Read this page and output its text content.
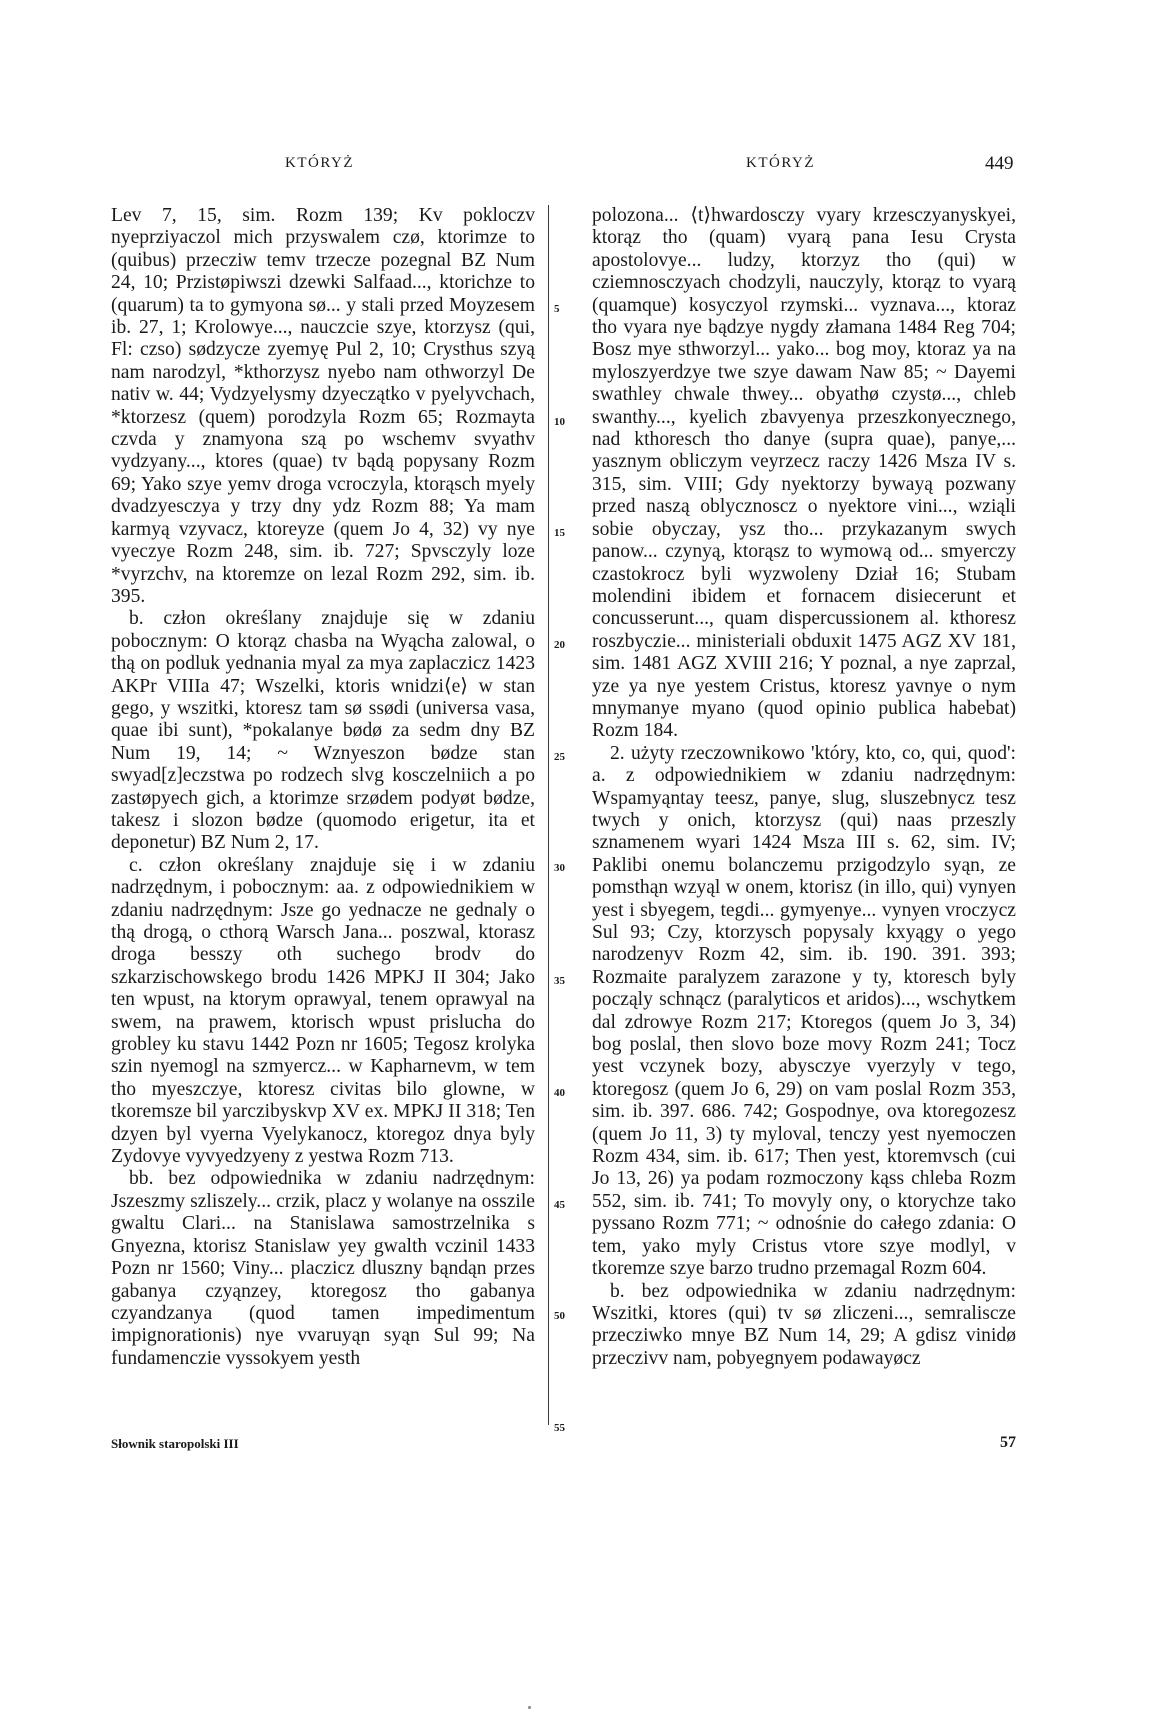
KTÓRYŻ	KTÓRYŻ	449

Lev 7, 15, sim. Rozm 139; Kv pokloczv nyeprziyaczol mich przyswalem czø, ktorimze to (quibus) przecziw temv trzecze pozegnal BZ Num 24, 10; Przistøpiwszi dzewki Salfaad..., ktorichze to (quarum) ta to gymyona sø... y stali przed Moyzesem ib. 27, 1; Krolowye..., nauczcie szye, ktorzysz (qui, Fl: czso) sødzycze zyemyę Pul 2, 10; Crysthus szyą nam narodzyl, *kthorzysz nyebo nam othworzyl De nativ w. 44; Vydzyelysmy dzyeczątko v pyelyvchach, *ktorzesz (quem) porodzyla Rozm 65; Rozmayta czvda y znamyona szą po wschemv svyathv vydzyany..., ktores (quae) tv bądą popysany Rozm 69; Yako szye yemv droga vcroczyla, ktorąsch myely dvadzyesczya y trzy dny ydz Rozm 88; Ya mam karmyą vzyvacz, ktoreyze (quem Jo 4, 32) vy nye vyeczye Rozm 248, sim. ib. 727; Spvsczyly loze *vyrzchv, na ktoremze on lezal Rozm 292, sim. ib. 395.

b. człon określany znajduje się w zdaniu pobocznym: O ktorąz chasba na Wyącha zalowal, o thą on podluk yednania myal za mya zaplaczicz 1423 AKPr VIIIa 47; Wszelki, ktoris wnidzi⟨e⟩ w stan gego, y wszitki, ktoresz tam sø ssødi (universa vasa, quae ibi sunt), *pokalanye bødø za sedm dny BZ Num 19, 14; ~ Wznyeszon bødze stan swyad[z]eczstwa po rodzech slvg kosczelniich a po zastøpyech gich, a ktorimze srzødem podyøt bødze, takesz i slozon bødze (quomodo erigetur, ita et deponetur) BZ Num 2, 17.

c. człon określany znajduje się i w zdaniu nadrzędnym, i pobocznym: aa. z odpowiednikiem w zdaniu nadrzędnym: Jsze go yednacze ne gednaly o thą drogą, o cthorą Warsch Jana... poszwal, ktorasz droga besszy oth suchego brodv do szkarzischowskego brodu 1426 MPKJ II 304; Jako ten wpust, na ktorym oprawyal, tenem oprawyal na swem, na prawem, ktorisch wpust prislucha do grobley ku stavu 1442 Pozn nr 1605; Tegosz krolyka szin nyemogl na szmyercz... w Kapharnevm, w tem tho myeszczye, ktoresz civitas bilo glowne, w tkoremsze bil yarczibyskvp XV ex. MPKJ II 318; Ten dzyen byl vyerna Vyelykanocz, ktoregoz dnya byly Zydovye vyvyedzyeny z yestwa Rozm 713.

bb. bez odpowiednika w zdaniu nadrzędnym: Jszeszmy szliszely... crzik, placz y wolanye na osszile gwaltu Clari... na Stanislawa samostrzelnika s Gnyezna, ktorisz Stanislaw yey gwalth vczinil 1433 Pozn nr 1560; Viny... placzicz dluszny bąndąn przes gabanya czyąnzey, ktoregosz tho gabanya czyandzanya (quod tamen impedimentum impignorationis) nye vvaruyąn syąn Sul 99; Na fundamenczie vyssokyem yesth

5
10
15
20
25
30
35
40
45
50
55

polozona... ⟨t⟩hwardosczy vyary krzesczyanyskyei, ktorąz tho (quam) vyarą pana Iesu Crysta apostolovye... ludzy, ktorzyz tho (qui) w cziemnosczyach chodzyli, nauczyly, ktorąz to vyarą (quamque) kosyczyol rzymski... vyznava..., ktoraz tho vyara nye bądzye nygdy złamana 1484 Reg 704; Bosz mye sthworzyl... yako... bog moy, ktoraz ya na myloszyerdzye twe szye dawam Naw 85; ~ Dayemi swathley chwale thwey... obyathø czystø..., chleb swanthy..., kyelich zbavyenya przeszkonyecznego, nad kthoresch tho danye (supra quae), panye,... yasznym obliczym veyrzecz raczy 1426 Msza IV s. 315, sim. VIII; Gdy nyektorzy bywayą pozwany przed naszą oblycznoscz o nyektore vini..., wziąli sobie obyczay, ysz tho... przykazanym swych panow... czynyą, ktorąsz to wymową od... smyerczy czastokrocz byli wyzwoleny Dział 16; Stubam molendini ibidem et fornacem disiecerunt et concusserunt..., quam dispercussionem al. kthoresz roszbyczie... ministeriali obduxit 1475 AGZ XV 181, sim. 1481 AGZ XVIII 216; Y poznal, a nye zaprzal, yze ya nye yestem Cristus, ktoresz yavnye o nym mnymanye myano (quod opinio publica habebat) Rozm 184.

2. użyty rzeczownikowo 'który, kto, co, qui, quod': a. z odpowiednikiem w zdaniu nadrzędnym: Wspamyąntay teesz, panye, slug, sluszebnycz tesz twych y onich, ktorzysz (qui) naas przeszly sznamenem wyari 1424 Msza III s. 62, sim. IV; Paklibi onemu bolanczemu przigodzylo syąn, ze pomsthąn wzyąl w onem, ktorisz (in illo, qui) vynyen yest i sbyegem, tegdi... gymyenye... vynyen vroczycz Sul 93; Czy, ktorzysch popysaly kxyągy o yego narodzenyv Rozm 42, sim. ib. 190. 391. 393; Rozmaite paralyzem zarazone y ty, ktoresch byly począly schnącz (paralyticos et aridos)..., wschytkem dal zdrowye Rozm 217; Ktoregos (quem Jo 3, 34) bog poslal, then slovo boze movy Rozm 241; Tocz yest vczynek bozy, abysczye vyerzyly v tego, ktoregosz (quem Jo 6, 29) on vam poslal Rozm 353, sim. ib. 397. 686. 742; Gospodnye, ova ktoregozesz (quem Jo 11, 3) ty myloval, tenczy yest nyemoczen Rozm 434, sim. ib. 617; Then yest, ktoremvsch (cui Jo 13, 26) ya podam rozmoczony kąss chleba Rozm 552, sim. ib. 741; To movyly ony, o ktorychze tako pyssano Rozm 771; ~ odnośnie do całego zdania: O tem, yako myly Cristus vtore szye modlyl, v tkoremze szye barzo trudno przemagal Rozm 604.

b. bez odpowiednika w zdaniu nadrzędnym: Wszitki, ktores (qui) tv sø zliczeni..., semraliscze przecziwko mnye BZ Num 14, 29; A gdisz vinidø przeczivv nam, pobyegnyem podawayøcz

Słownik staropolski III	57
